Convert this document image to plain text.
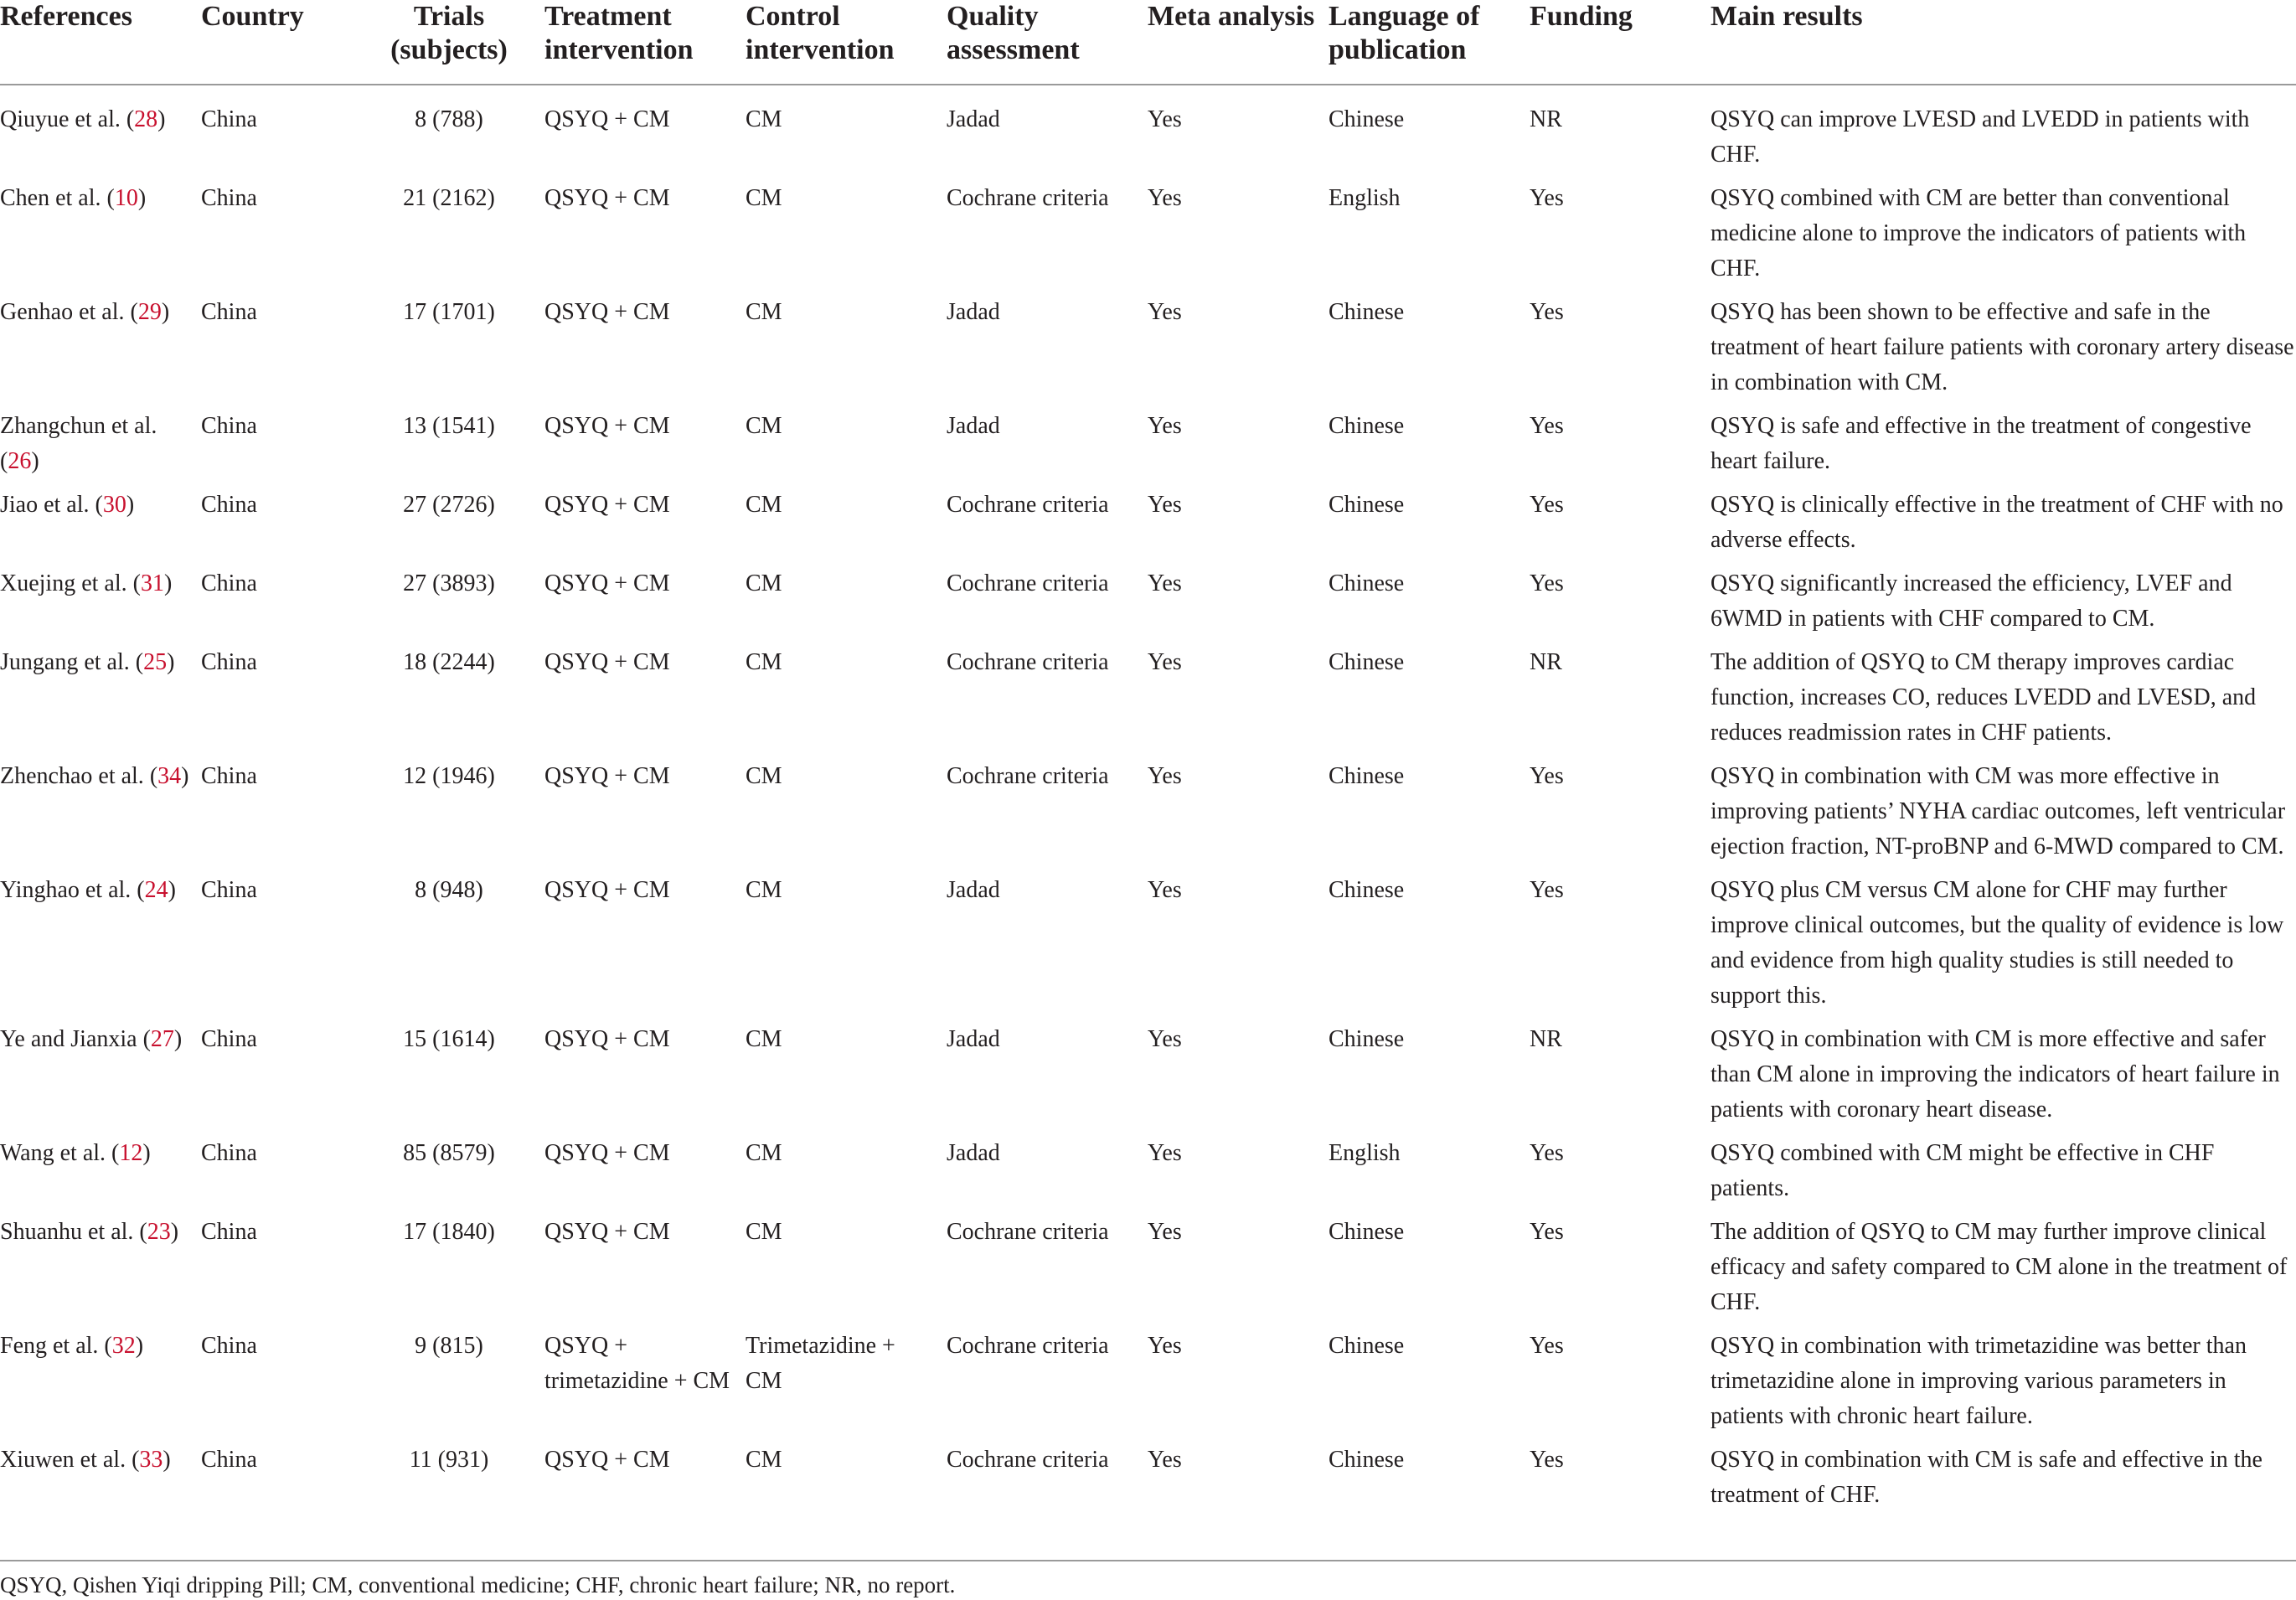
References	Country	Trials (subjects)	Treatment intervention	Control intervention	Quality assessment	Meta analysis	Language of publication	Funding	Main results
Qiuyue et al. (28)	China	8 (788)	QSYQ + CM	CM	Jadad	Yes	Chinese	NR	QSYQ can improve LVESD and LVEDD in patients with CHF.
Chen et al. (10)	China	21 (2162)	QSYQ + CM	CM	Cochrane criteria	Yes	English	Yes	QSYQ combined with CM are better than conventional medicine alone to improve the indicators of patients with CHF.
Genhao et al. (29)	China	17 (1701)	QSYQ + CM	CM	Jadad	Yes	Chinese	Yes	QSYQ has been shown to be effective and safe in the treatment of heart failure patients with coronary artery disease in combination with CM.
Zhangchun et al. (26)	China	13 (1541)	QSYQ + CM	CM	Jadad	Yes	Chinese	Yes	QSYQ is safe and effective in the treatment of congestive heart failure.
Jiao et al. (30)	China	27 (2726)	QSYQ + CM	CM	Cochrane criteria	Yes	Chinese	Yes	QSYQ is clinically effective in the treatment of CHF with no adverse effects.
Xuejing et al. (31)	China	27 (3893)	QSYQ + CM	CM	Cochrane criteria	Yes	Chinese	Yes	QSYQ significantly increased the efficiency, LVEF and 6WMD in patients with CHF compared to CM.
Jungang et al. (25)	China	18 (2244)	QSYQ + CM	CM	Cochrane criteria	Yes	Chinese	NR	The addition of QSYQ to CM therapy improves cardiac function, increases CO, reduces LVEDD and LVESD, and reduces readmission rates in CHF patients.
Zhenchao et al. (34)	China	12 (1946)	QSYQ + CM	CM	Cochrane criteria	Yes	Chinese	Yes	QSYQ in combination with CM was more effective in improving patients’ NYHA cardiac outcomes, left ventricular ejection fraction, NT-proBNP and 6-MWD compared to CM.
Yinghao et al. (24)	China	8 (948)	QSYQ + CM	CM	Jadad	Yes	Chinese	Yes	QSYQ plus CM versus CM alone for CHF may further improve clinical outcomes, but the quality of evidence is low and evidence from high quality studies is still needed to support this.
Ye and Jianxia (27)	China	15 (1614)	QSYQ + CM	CM	Jadad	Yes	Chinese	NR	QSYQ in combination with CM is more effective and safer than CM alone in improving the indicators of heart failure in patients with coronary heart disease.
Wang et al. (12)	China	85 (8579)	QSYQ + CM	CM	Jadad	Yes	English	Yes	QSYQ combined with CM might be effective in CHF patients.
Shuanhu et al. (23)	China	17 (1840)	QSYQ + CM	CM	Cochrane criteria	Yes	Chinese	Yes	The addition of QSYQ to CM may further improve clinical efficacy and safety compared to CM alone in the treatment of CHF.
Feng et al. (32)	China	9 (815)	QSYQ + trimetazidine + CM	Trimetazidine + CM	Cochrane criteria	Yes	Chinese	Yes	QSYQ in combination with trimetazidine was better than trimetazidine alone in improving various parameters in patients with chronic heart failure.
Xiuwen et al. (33)	China	11 (931)	QSYQ + CM	CM	Cochrane criteria	Yes	Chinese	Yes	QSYQ in combination with CM is safe and effective in the treatment of CHF.
QSYQ, Qishen Yiqi dripping Pill; CM, conventional medicine; CHF, chronic heart failure; NR, no report.
